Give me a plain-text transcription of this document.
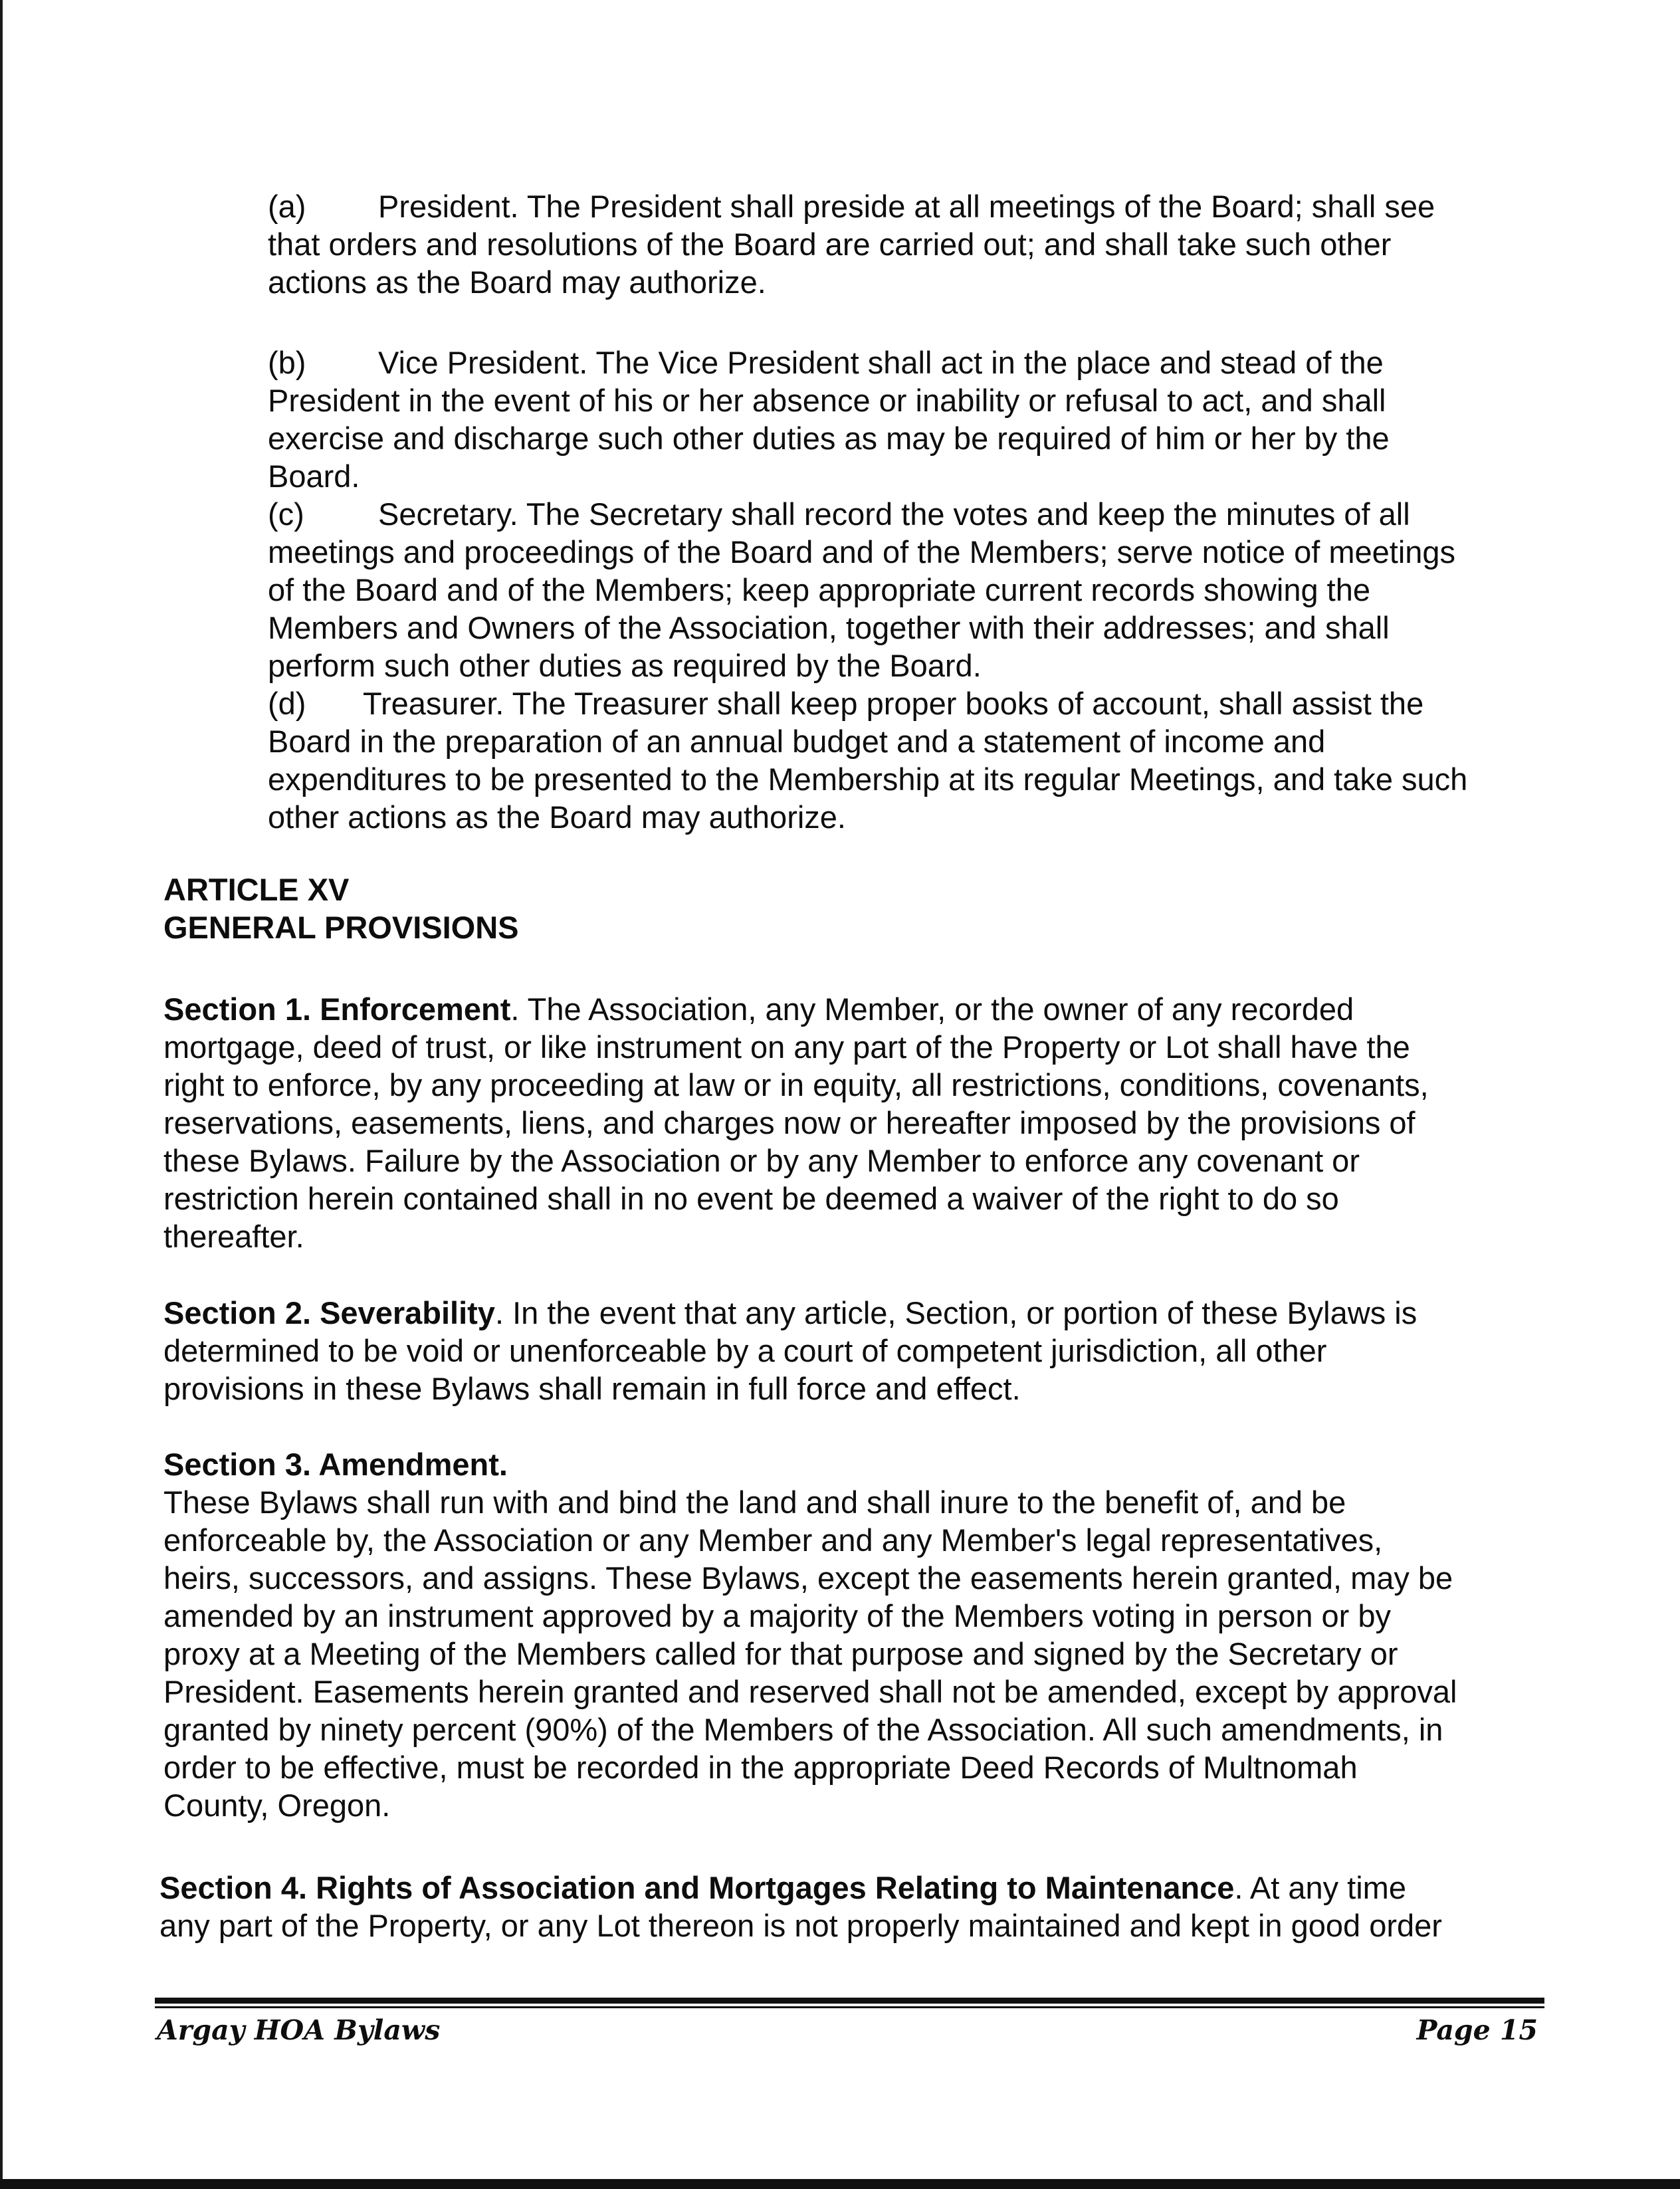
(a) President. The President shall preside at all meetings of the Board; shall see
that orders and resolutions of the Board are carried out; and shall take such other
actions as the Board may authorize.
(b) Vice President. The Vice President shall act in the place and stead of the
President in the event of his or her absence or inability or refusal to act, and shall
exercise and discharge such other duties as may be required of him or her by the
Board.
(c) Secretary. The Secretary shall record the votes and keep the minutes of all
meetings and proceedings of the Board and of the Members; serve notice of meetings
of the Board and of the Members; keep appropriate current records showing the
Members and Owners of the Association, together with their addresses; and shall
perform such other duties as required by the Board.
(d) Treasurer. The Treasurer shall keep proper books of account, shall assist the
Board in the preparation of an annual budget and a statement of income and
expenditures to be presented to the Membership at its regular Meetings, and take such
other actions as the Board may authorize.
ARTICLE XV
GENERAL PROVISIONS
Section 1. Enforcement. The Association, any Member, or the owner of any recorded
mortgage, deed of trust, or like instrument on any part of the Property or Lot shall have the
right to enforce, by any proceeding at law or in equity, all restrictions, conditions, covenants,
reservations, easements, liens, and charges now or hereafter imposed by the provisions of
these Bylaws. Failure by the Association or by any Member to enforce any covenant or
restriction herein contained shall in no event be deemed a waiver of the right to do so
thereafter.
Section 2. Severability. In the event that any article, Section, or portion of these Bylaws is
determined to be void or unenforceable by a court of competent jurisdiction, all other
provisions in these Bylaws shall remain in full force and effect.
Section 3. Amendment.
These Bylaws shall run with and bind the land and shall inure to the benefit of, and be
enforceable by, the Association or any Member and any Member's legal representatives,
heirs, successors, and assigns. These Bylaws, except the easements herein granted, may be
amended by an instrument approved by a majority of the Members voting in person or by
proxy at a Meeting of the Members called for that purpose and signed by the Secretary or
President. Easements herein granted and reserved shall not be amended, except by approval
granted by ninety percent (90%) of the Members of the Association. All such amendments, in
order to be effective, must be recorded in the appropriate Deed Records of Multnomah
County, Oregon.
Section 4. Rights of Association and Mortgages Relating to Maintenance. At any time
any part of the Property, or any Lot thereon is not properly maintained and kept in good order
Argay HOA Bylaws	Page 15
